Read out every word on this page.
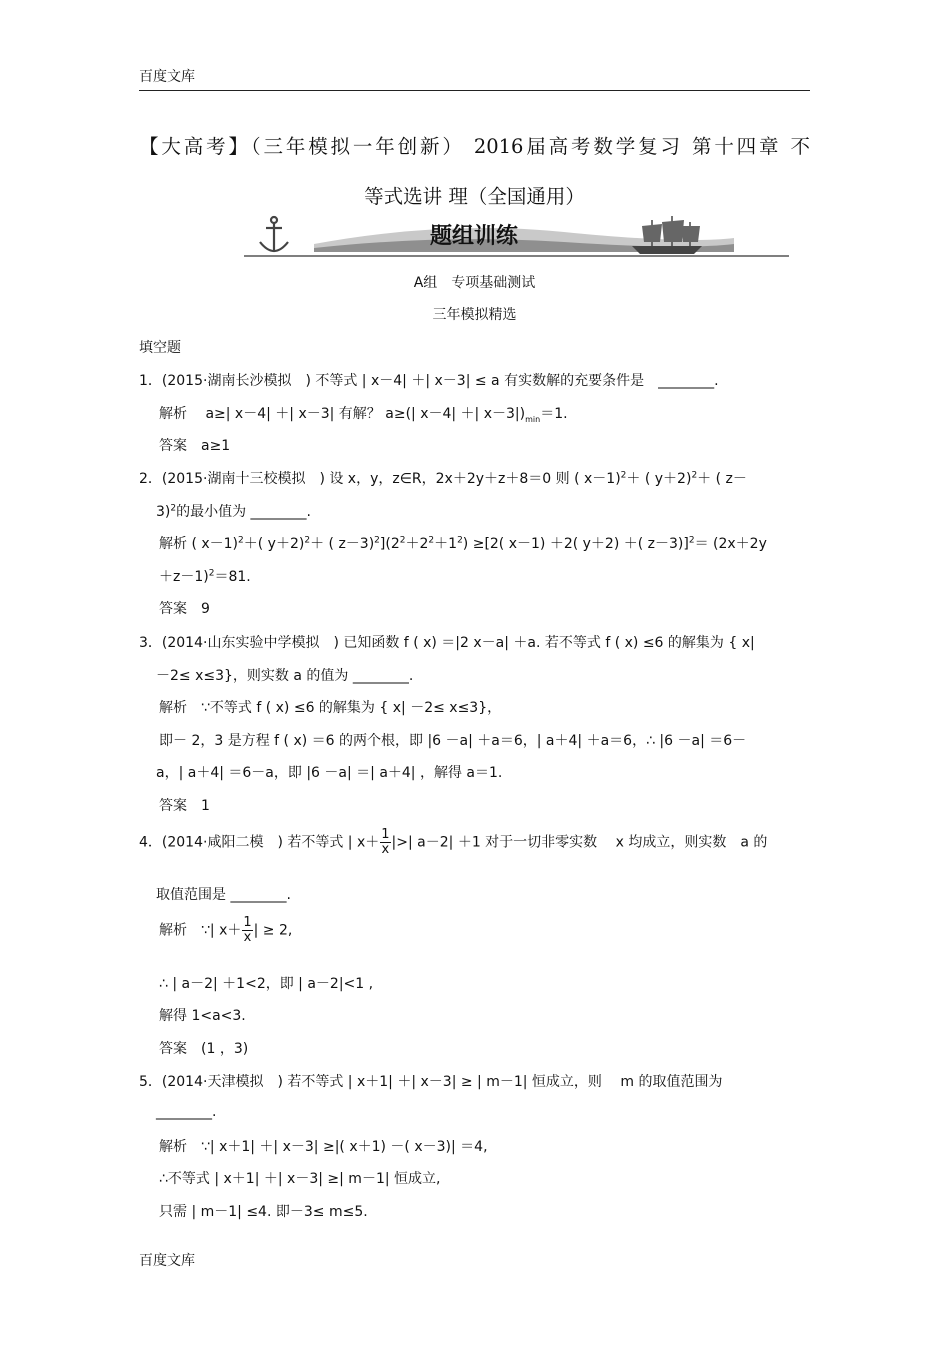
百度文库
【大高考】（三年模拟一年创新） 2016届高考数学复习 第十四章 不
等式选讲 理（全国通用）
题组训练
A组　专项基础测试
三年模拟精选
填空题
1．(2015·湖南长沙模拟　) 不等式 | x－4| ＋| x－3| ≤ a 有实数解的充要条件是　________.
解析　 a≥| x－4| ＋| x－3| 有解？ a≥(| x－4| ＋| $x-3|)_{min}=1$.
答案　a≥1
2．(2015·湖南十三校模拟　) 设 x，y，z∈R，2x＋2y＋z＋8＝0 则 ( x－1)$^2$＋ ( y＋2)$^2$＋ ( z－
3)$^2$的最小值为 ________.
解析 ( x－1)$^2$＋( y＋2)$^2$＋ ( $z-3)^2](2^2+2^2+1^2) \ge[2$( x－1) ＋2( y＋2) ＋( z－3)]$^2$＝ (2x＋2y
＋z－1)$^2$＝81.
答案　9
3．(2014·山东实验中学模拟　) 已知函数 f ( x) ＝|2 x－a| ＋a. 若不等式 f ( x) ≤6 的解集为 { x|
－2≤ x≤3}，则实数 a 的值为 ________.
解析　∵不等式 f ( x) ≤6 的解集为 { x| －2≤ x≤3}，
即－ 2，3 是方程 f ( x) ＝6 的两个根，即 |6 －a| ＋a＝6，| a＋4| ＋a＝6，∴ |6 －a| ＝6－
a，| a＋4| ＝6－a，即 |6 －a| ＝| a＋4| ，解得 a＝1.
答案　1
4．(2014·咸阳二模　) 若不等式 | $x+ \frac{1}{x}$ |>| a－2| ＋1 对于一切非零实数　 x 均成立，则实数　a 的
取值范围是 ________.
解析　∵| $x+ \frac{1}{x}$ | ≥ 2,
∴ | a－2| ＋1<2，即 | a－2|<1 ,
解得 1<a<3.
答案　(1 ，3)
5．(2014·天津模拟　) 若不等式 | x＋1| ＋| x－3| ≥ | m－1| 恒成立，则　 m 的取值范围为
________.
解析　∵| x＋1| ＋| x－3| ≥|( x＋1) －( x－3)| ＝4,
∴不等式 | x＋1| ＋| x－3| ≥| m－1| 恒成立,
只需 | m－1| ≤4. 即－3≤ m≤5.
百度文库
